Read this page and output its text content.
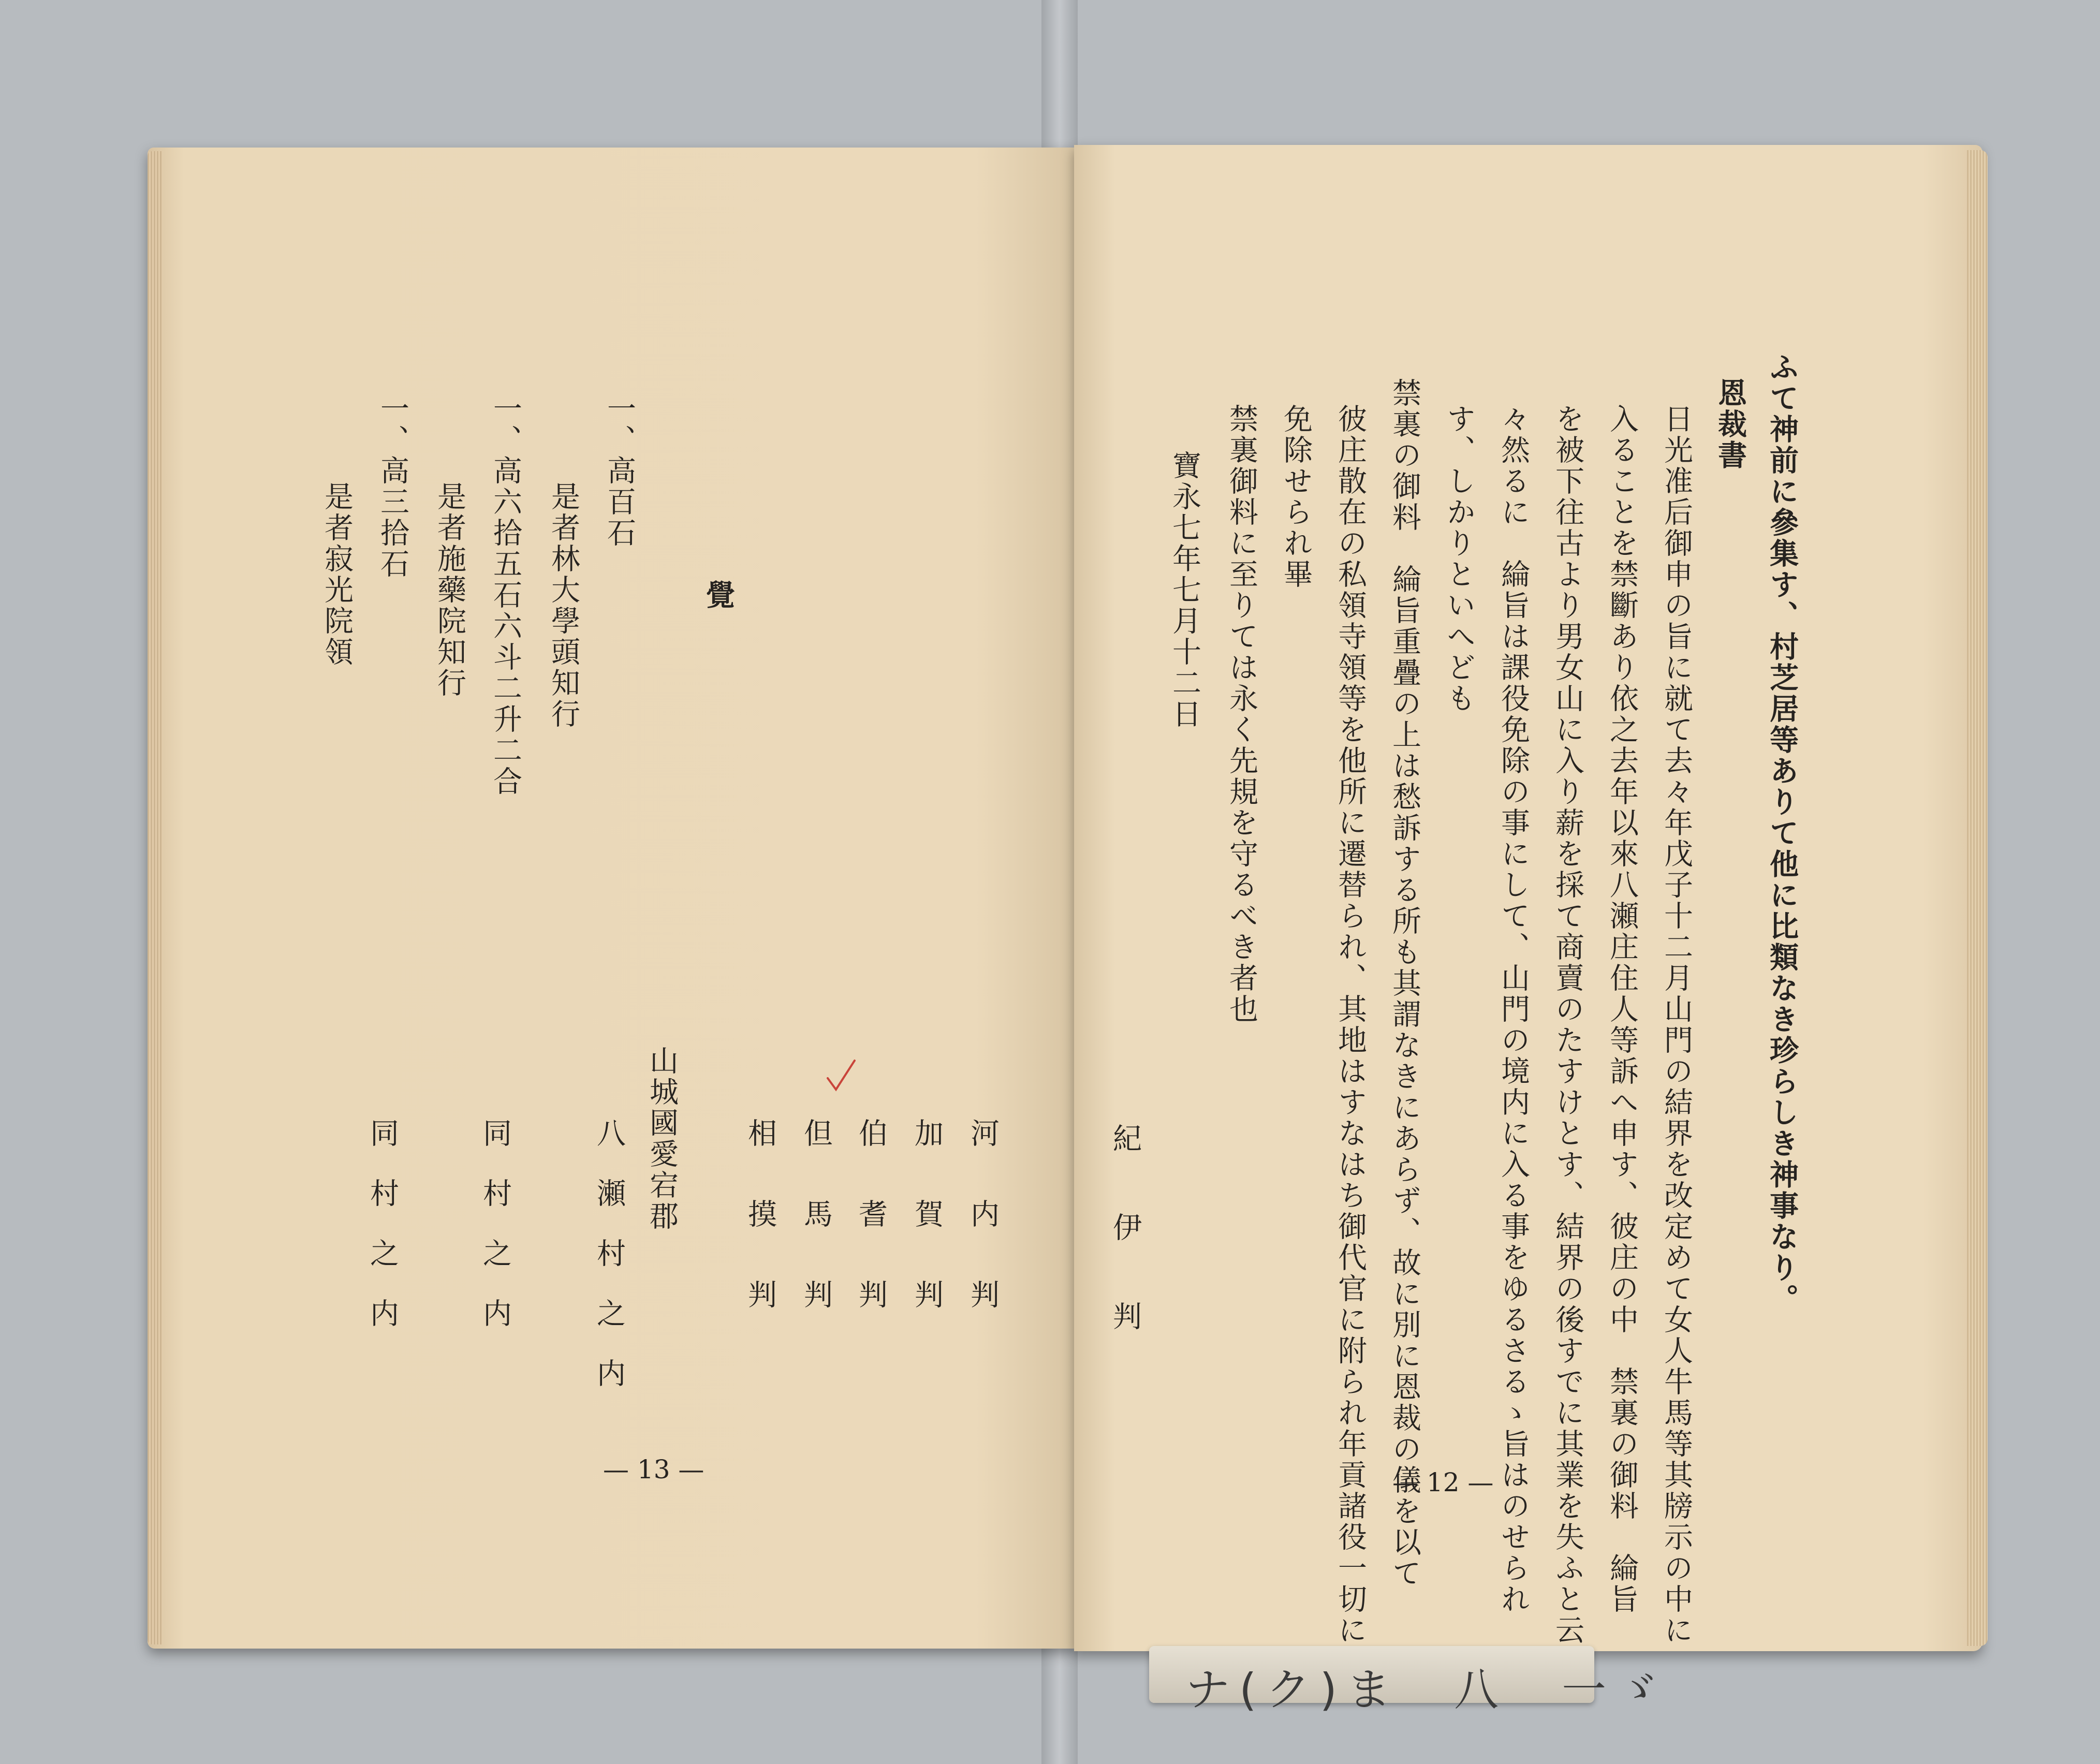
ナ(ク)ま　八　一ゞ

ふて神前に參集す、村芝居等ありて他に比類なき珍らしき神事なり。
恩裁書
日光准后御申の旨に就て去々年戊子十二月山門の結界を改定めて女人牛馬等其牓示の中に
入ることを禁斷あり依之去年以來八瀬庄住人等訴へ申す、彼庄の中　禁裏の御料　綸旨
を被下往古より男女山に入り薪を採て商賣のたすけとす、結界の後すでに其業を失ふと云
々然るに　綸旨は課役免除の事にして、山門の境内に入る事をゆるさるゝ旨はのせられ
す、しかりといへども
禁裏の御料　綸旨重疊の上は愁訴する所も其謂なきにあらず、故に別に恩裁の儀を以て
彼庄散在の私領寺領等を他所に遷替られ、其地はすなはち御代官に附られ年貢諸役一切に
免除せられ畢
禁裏御料に至りては永く先規を守るべき者也
寶永七年七月十二日
紀　伊　判
— 12 —
一、高百石
是者林大學頭知行
一、高六拾五石六斗二升二合
是者施藥院知行
一、高三拾石
是者寂光院領	覺
山城國愛宕郡
八　瀬　村　之　内
同　村　之　内
同　村　之　内	河　内　判
加　賀　判
伯　耆　判
但　馬　判
相　摸　判
— 13 —
